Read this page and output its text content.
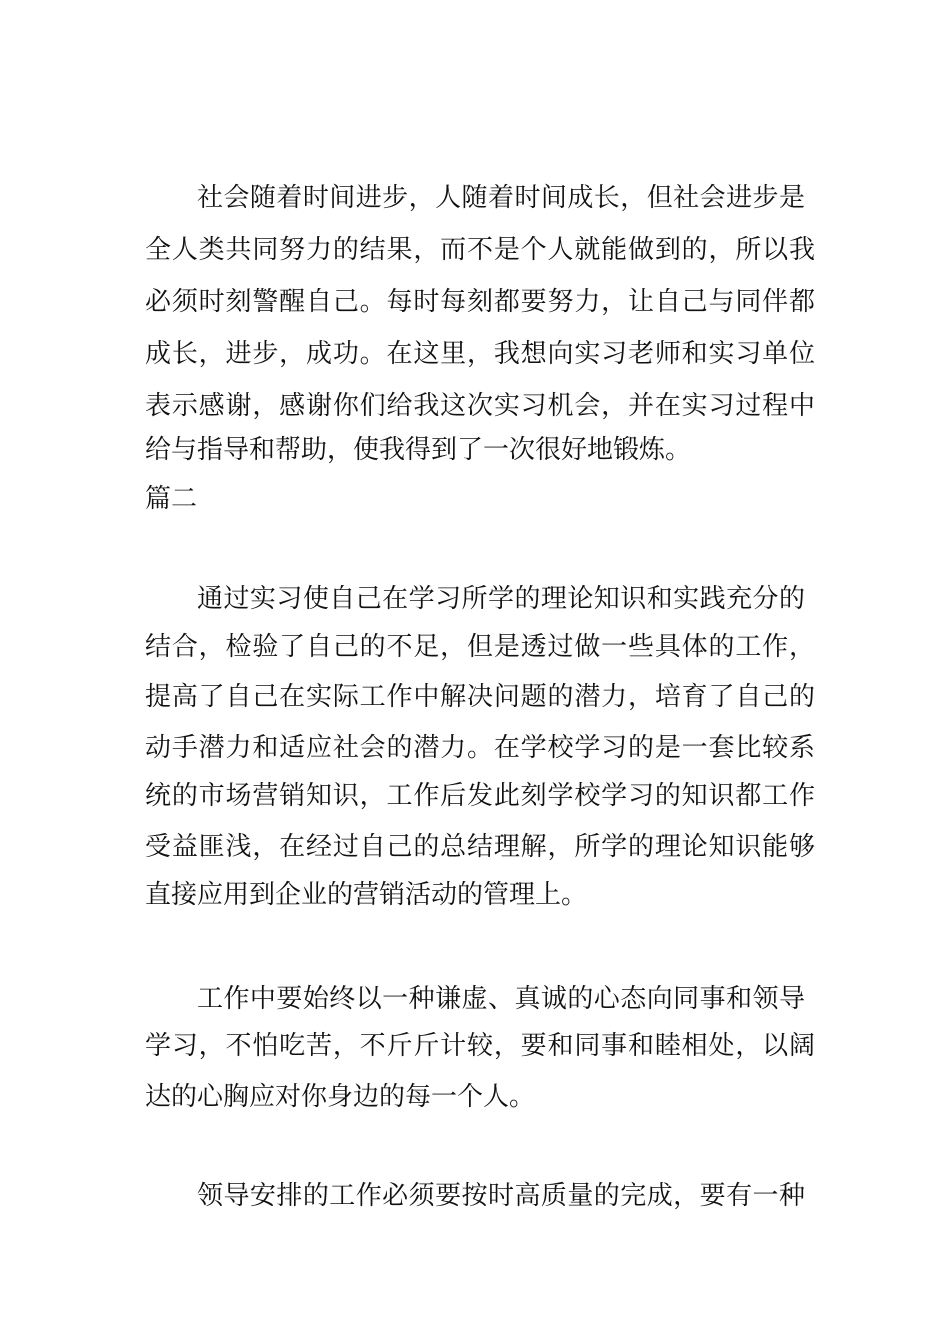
社会随着时间进步，人随着时间成长，但社会进步是
全人类共同努力的结果，而不是个人就能做到的，所以我
必须时刻警醒自己。每时每刻都要努力，让自己与同伴都
成长，进步，成功。在这里，我想向实习老师和实习单位
表示感谢，感谢你们给我这次实习机会，并在实习过程中
给与指导和帮助，使我得到了一次很好地锻炼。
篇二
通过实习使自己在学习所学的理论知识和实践充分的
结合，检验了自己的不足，但是透过做一些具体的工作，
提高了自己在实际工作中解决问题的潜力，培育了自己的
动手潜力和适应社会的潜力。在学校学习的是一套比较系
统的市场营销知识，工作后发此刻学校学习的知识都工作
受益匪浅，在经过自己的总结理解，所学的理论知识能够
直接应用到企业的营销活动的管理上。
工作中要始终以一种谦虚、真诚的心态向同事和领导
学习，不怕吃苦，不斤斤计较，要和同事和睦相处，以阔
达的心胸应对你身边的每一个人。
领导安排的工作必须要按时高质量的完成，要有一种
